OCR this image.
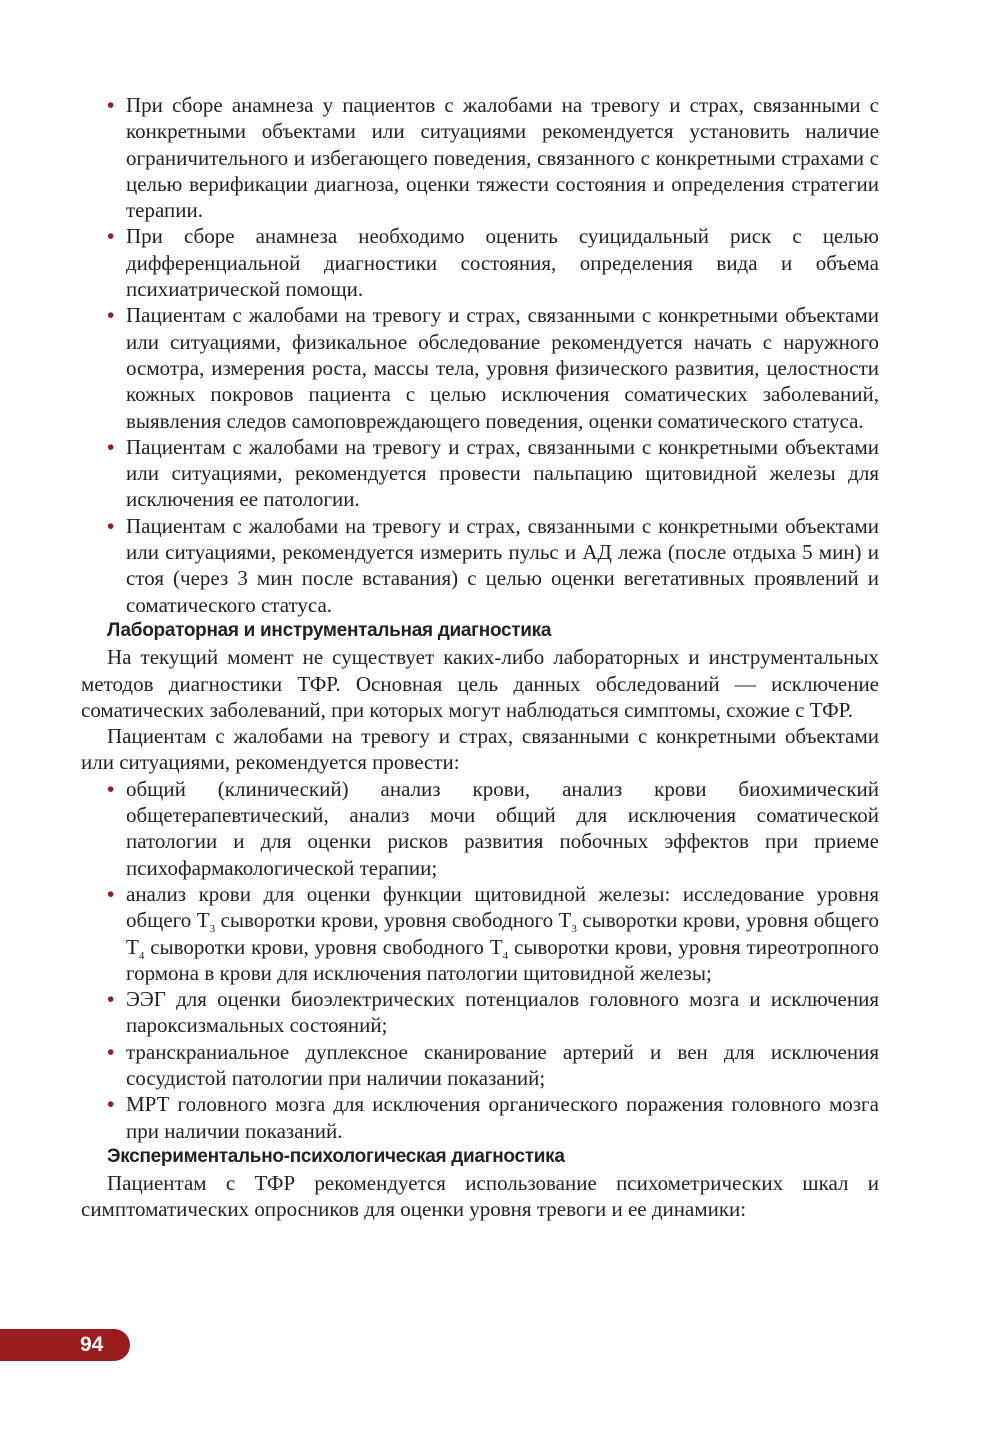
• При сборе анамнеза у пациентов с жалобами на тревогу и страх, связанными с конкретными объектами или ситуациями рекомендуется установить наличие ограничительного и избегающего поведения, связанного с конкретными страхами с целью верификации диагноза, оценки тяжести состояния и определения стратегии терапии.
• При сборе анамнеза необходимо оценить суицидальный риск с целью дифференциальной диагностики состояния, определения вида и объема психиатрической помощи.
• Пациентам с жалобами на тревогу и страх, связанными с конкретными объектами или ситуациями, физикальное обследование рекомендуется начать с наружного осмотра, измерения роста, массы тела, уровня физического развития, целостности кожных покровов пациента с целью исключения соматических заболеваний, выявления следов самоповреждающего поведения, оценки соматического статуса.
• Пациентам с жалобами на тревогу и страх, связанными с конкретными объектами или ситуациями, рекомендуется провести пальпацию щитовидной железы для исключения ее патологии.
• Пациентам с жалобами на тревогу и страх, связанными с конкретными объектами или ситуациями, рекомендуется измерить пульс и АД лежа (после отдыха 5 мин) и стоя (через 3 мин после вставания) с целью оценки вегетативных проявлений и соматического статуса.
Лабораторная и инструментальная диагностика

На текущий момент не существует каких-либо лабораторных и инструментальных методов диагностики ТФР. Основная цель данных обследований — исключение соматических заболеваний, при которых могут наблюдаться симптомы, схожие с ТФР.

Пациентам с жалобами на тревогу и страх, связанными с конкретными объектами или ситуациями, рекомендуется провести:

• общий (клинический) анализ крови, анализ крови биохимический общетерапевтический, анализ мочи общий для исключения соматической патологии и для оценки рисков развития побочных эффектов при приеме психофармакологической терапии;
• анализ крови для оценки функции щитовидной железы: исследование уровня общего $T_3$ сыворотки крови, уровня свободного $T_3$ сыворотки крови, уровня общего $T_4$ сыворотки крови, уровня свободного $T_4$ сыворотки крови, уровня тиреотропного гормона в крови для исключения патологии щитовидной железы;
• ЭЭГ для оценки биоэлектрических потенциалов головного мозга и исключения пароксизмальных состояний;
• транскраниальное дуплексное сканирование артерий и вен для исключения сосудистой патологии при наличии показаний;
• МРТ головного мозга для исключения органического поражения головного мозга при наличии показаний.
Экспериментально-психологическая диагностика

Пациентам с ТФР рекомендуется использование психометрических шкал и симптоматических опросников для оценки уровня тревоги и ее динамики:

94
